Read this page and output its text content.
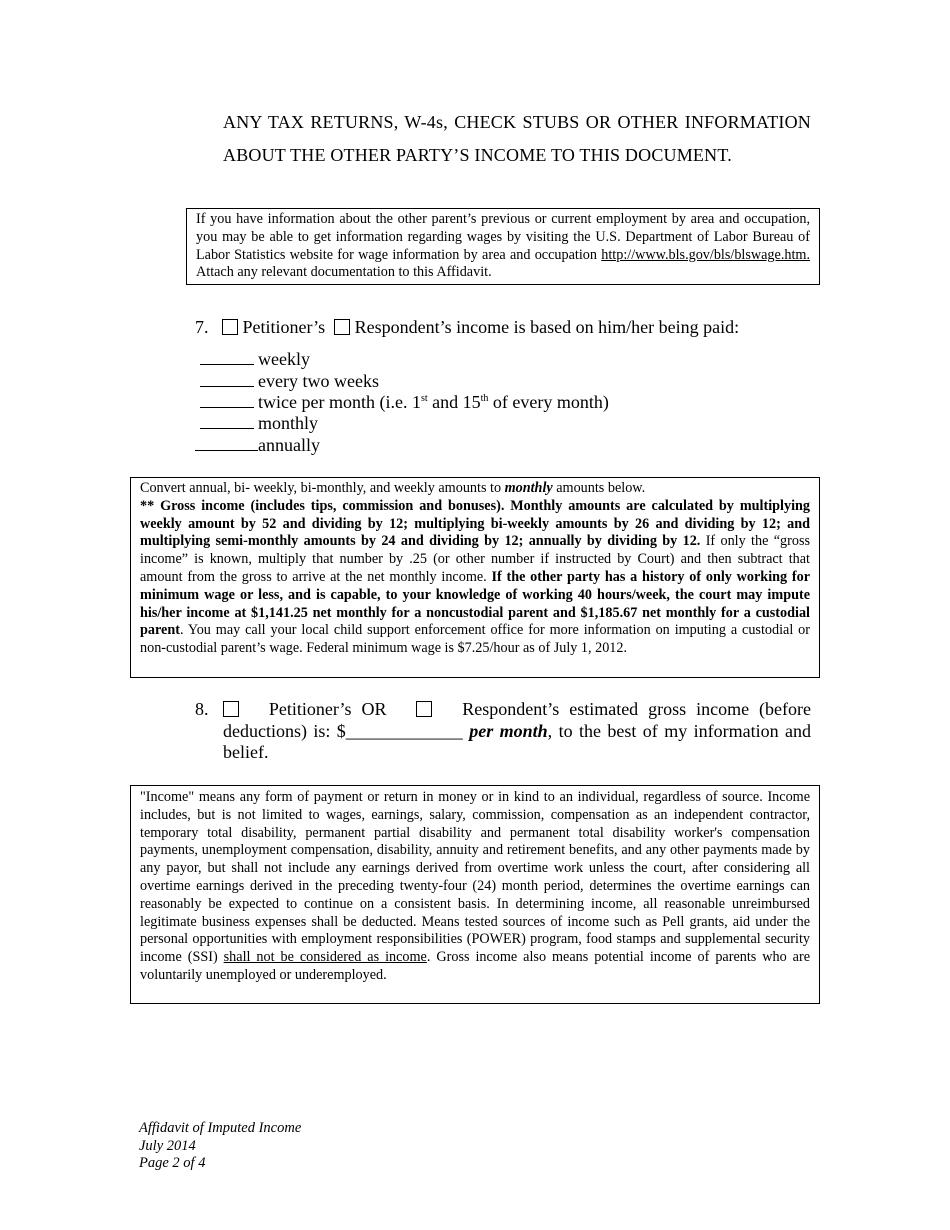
ANY TAX RETURNS, W-4s, CHECK STUBS OR OTHER INFORMATION ABOUT THE OTHER PARTY’S INCOME TO THIS DOCUMENT.
If you have information about the other parent’s previous or current employment by area and occupation, you may be able to get information regarding wages by visiting the U.S. Department of Labor Bureau of Labor Statistics website for wage information by area and occupation http://www.bls.gov/bls/blswage.htm. Attach any relevant documentation to this Affidavit.
7. Petitioner’s Respondent’s income is based on him/her being paid:
weekly
every two weeks
twice per month (i.e. 1st and 15th of every month)
monthly
annually
Convert annual, bi- weekly, bi-monthly, and weekly amounts to monthly amounts below.
** Gross income (includes tips, commission and bonuses). Monthly amounts are calculated by multiplying weekly amount by 52 and dividing by 12; multiplying bi-weekly amounts by 26 and dividing by 12; and multiplying semi-monthly amounts by 24 and dividing by 12; annually by dividing by 12. If only the “gross income” is known, multiply that number by .25 (or other number if instructed by Court) and then subtract that amount from the gross to arrive at the net monthly income. If the other party has a history of only working for minimum wage or less, and is capable, to your knowledge of working 40 hours/week, the court may impute his/her income at $1,141.25 net monthly for a noncustodial parent and $1,185.67 net monthly for a custodial parent. You may call your local child support enforcement office for more information on imputing a custodial or non-custodial parent’s wage. Federal minimum wage is $7.25/hour as of July 1, 2012.
8.	Petitioner’s OR	Respondent’s estimated gross income (before deductions) is: $_____________ per month, to the best of my information and belief.
"Income" means any form of payment or return in money or in kind to an individual, regardless of source. Income includes, but is not limited to wages, earnings, salary, commission, compensation as an independent contractor, temporary total disability, permanent partial disability and permanent total disability worker's compensation payments, unemployment compensation, disability, annuity and retirement benefits, and any other payments made by any payor, but shall not include any earnings derived from overtime work unless the court, after considering all overtime earnings derived in the preceding twenty-four (24) month period, determines the overtime earnings can reasonably be expected to continue on a consistent basis. In determining income, all reasonable unreimbursed legitimate business expenses shall be deducted. Means tested sources of income such as Pell grants, aid under the personal opportunities with employment responsibilities (POWER) program, food stamps and supplemental security income (SSI) shall not be considered as income. Gross income also means potential income of parents who are voluntarily unemployed or underemployed.
Affidavit of Imputed Income
July 2014
Page 2 of 4
